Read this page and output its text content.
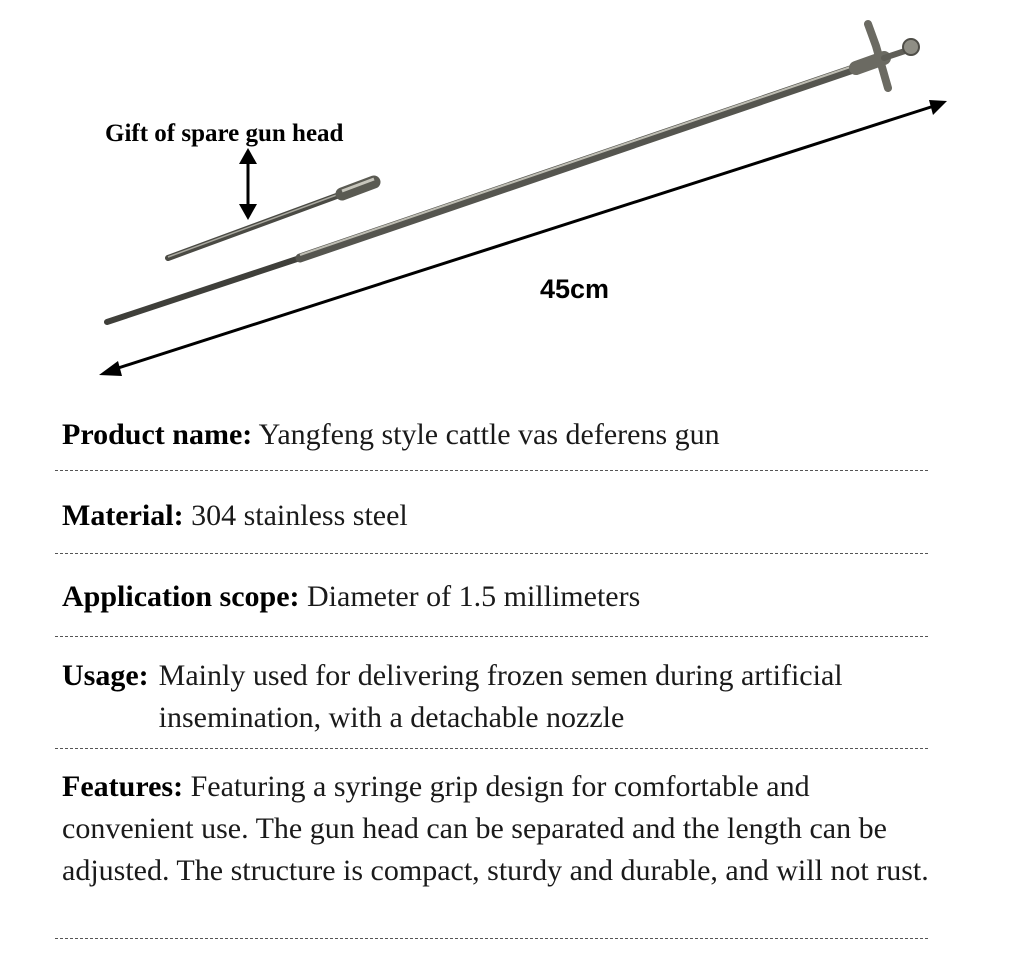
Gift of spare gun head
45cm
Product name: Yangfeng style cattle vas deferens gun
Material: 304 stainless steel
Application scope: Diameter of 1.5 millimeters
Usage: Mainly used for delivering frozen semen during artificial insemination, with a detachable nozzle
Features: Featuring a syringe grip design for comfortable and convenient use. The gun head can be separated and the length can be adjusted. The structure is compact, sturdy and durable, and will not rust.
